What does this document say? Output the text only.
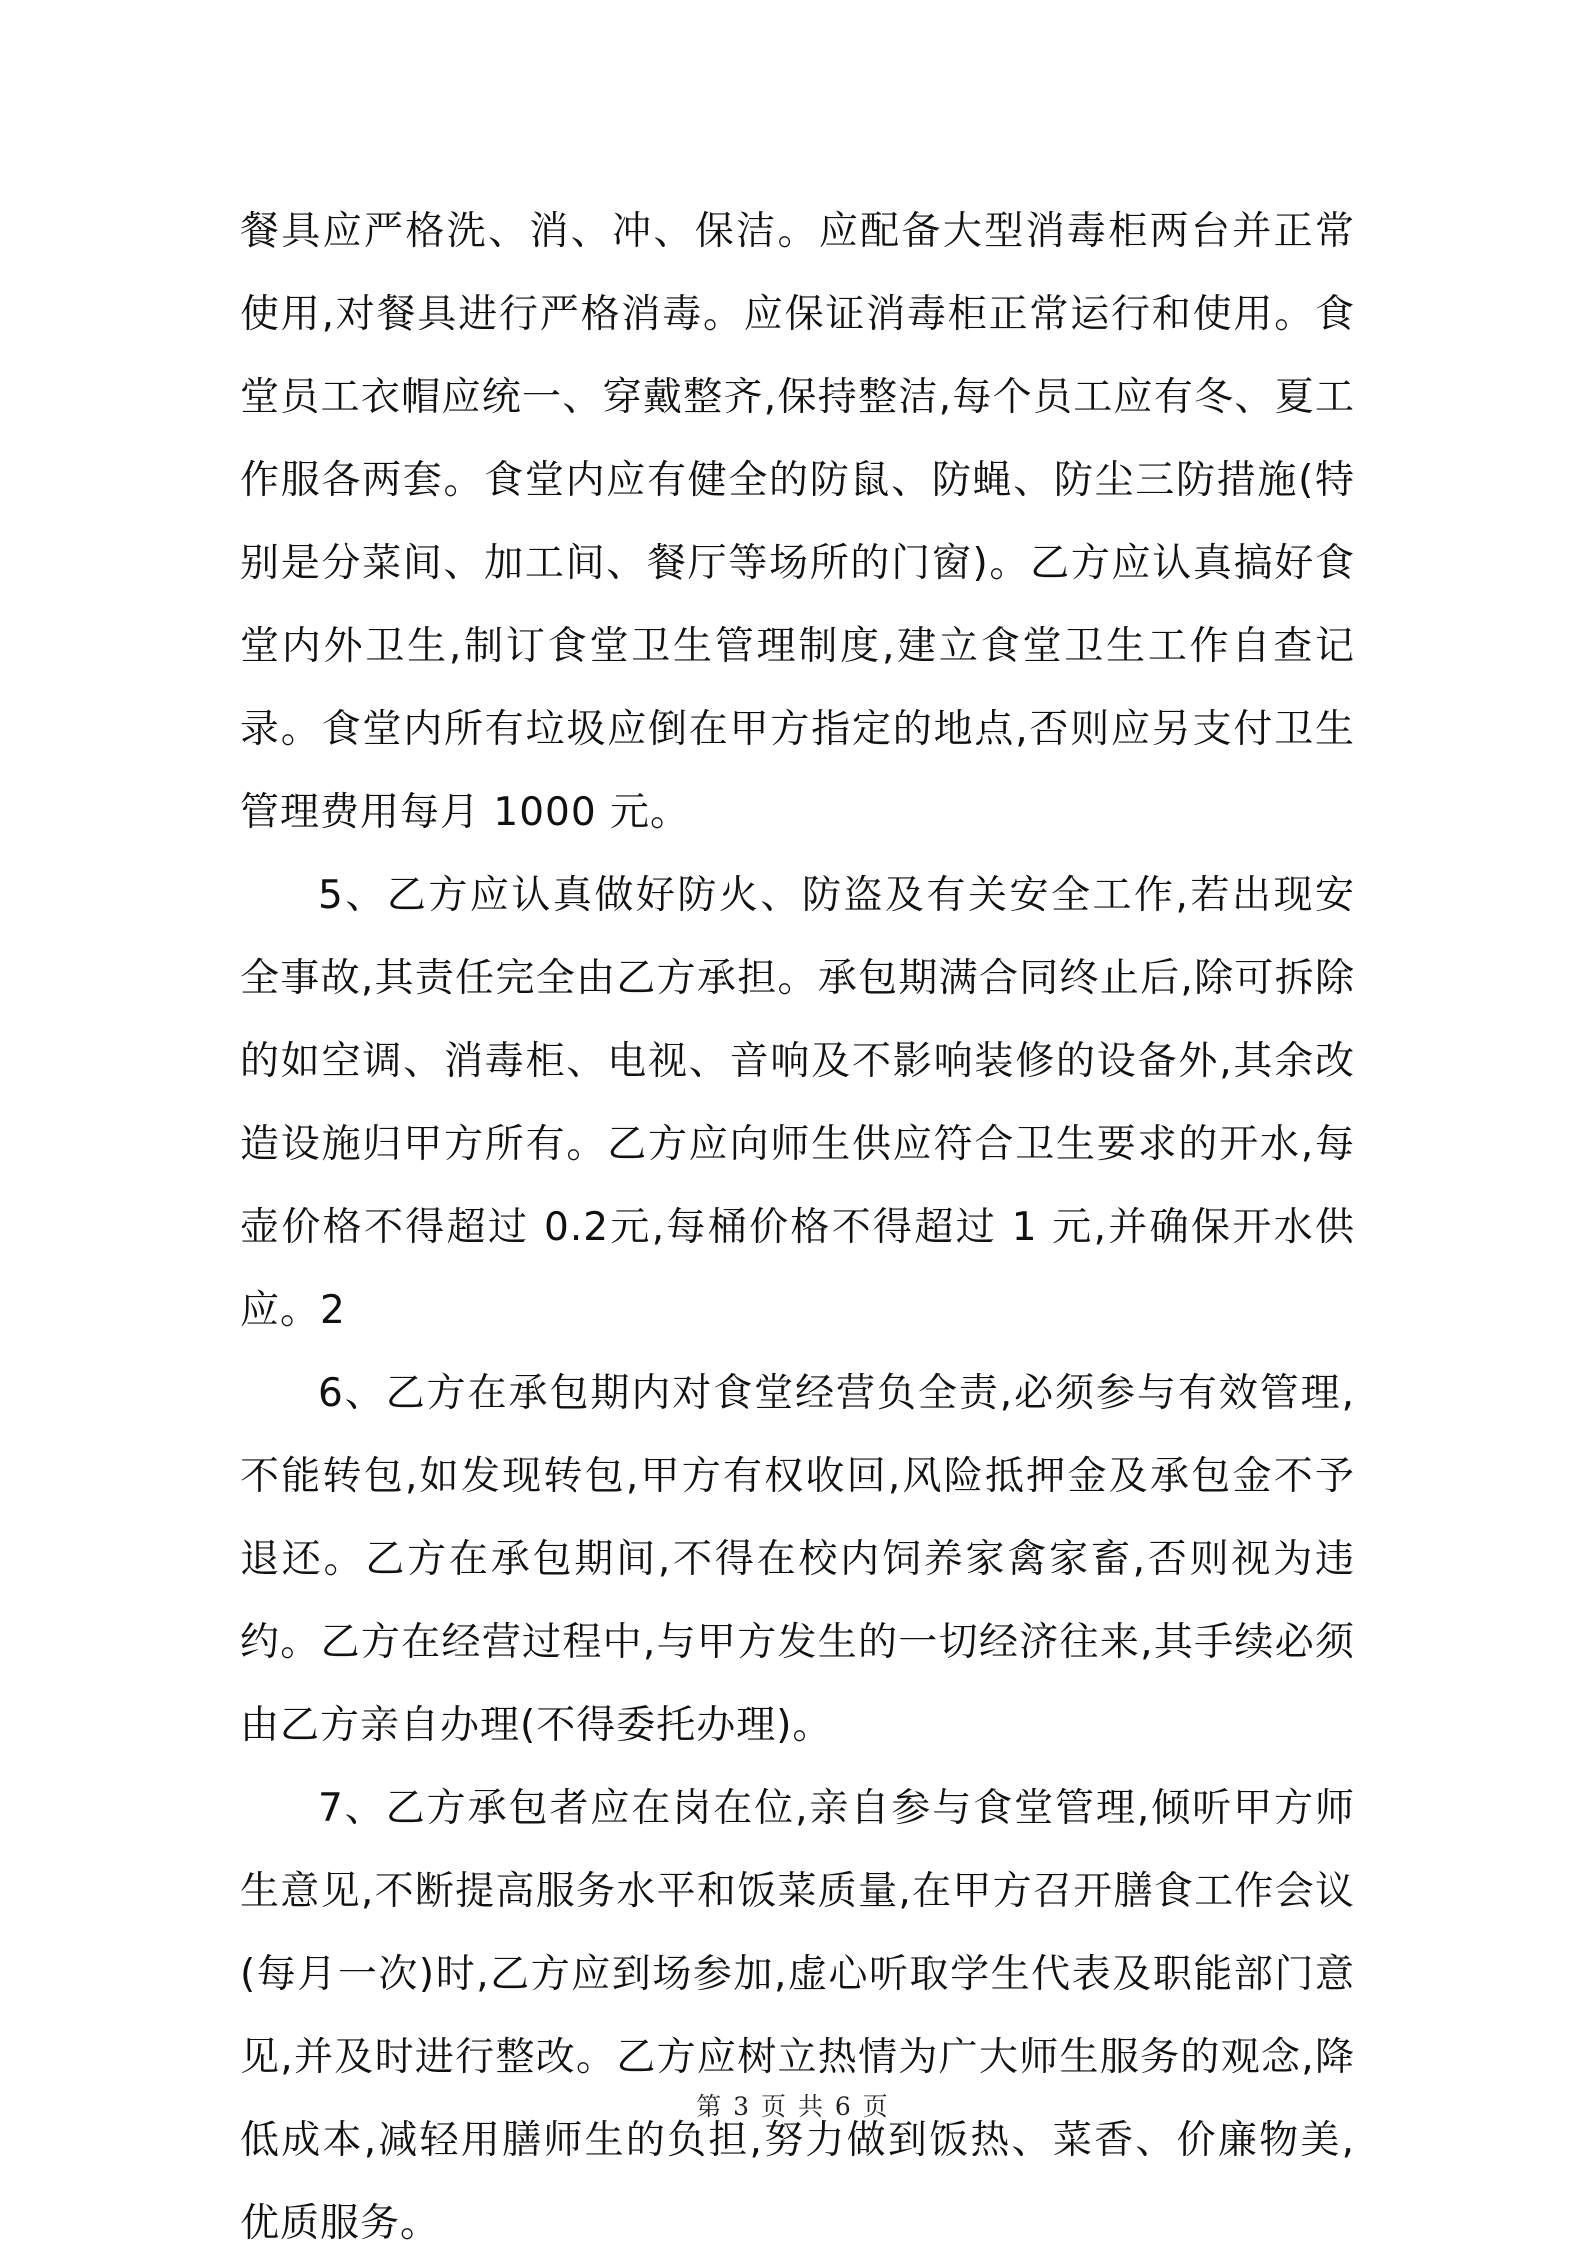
餐具应严格洗、消、冲、保洁。应配备大型消毒柜两台并正常使用,对餐具进行严格消毒。应保证消毒柜正常运行和使用。食堂员工衣帽应统一、穿戴整齐,保持整洁,每个员工应有冬、夏工作服各两套。食堂内应有健全的防鼠、防蝇、防尘三防措施(特别是分菜间、加工间、餐厅等场所的门窗)。乙方应认真搞好食堂内外卫生,制订食堂卫生管理制度,建立食堂卫生工作自查记录。食堂内所有垃圾应倒在甲方指定的地点,否则应另支付卫生管理费用每月 1000 元。

5、乙方应认真做好防火、防盗及有关安全工作,若出现安全事故,其责任完全由乙方承担。承包期满合同终止后,除可拆除的如空调、消毒柜、电视、音响及不影响装修的设备外,其余改造设施归甲方所有。乙方应向师生供应符合卫生要求的开水,每壶价格不得超过 0.2元,每桶价格不得超过 1 元,并确保开水供应。2

6、乙方在承包期内对食堂经营负全责,必须参与有效管理,不能转包,如发现转包,甲方有权收回,风险抵押金及承包金不予退还。乙方在承包期间,不得在校内饲养家禽家畜,否则视为违约。乙方在经营过程中,与甲方发生的一切经济往来,其手续必须由乙方亲自办理(不得委托办理)。

7、乙方承包者应在岗在位,亲自参与食堂管理,倾听甲方师生意见,不断提高服务水平和饭菜质量,在甲方召开膳食工作会议(每月一次)时,乙方应到场参加,虚心听取学生代表及职能部门意见,并及时进行整改。乙方应树立热情为广大师生服务的观念,降低成本,减轻用膳师生的负担,努力做到饭热、菜香、价廉物美,优质服务。

第 3 页 共 6 页
